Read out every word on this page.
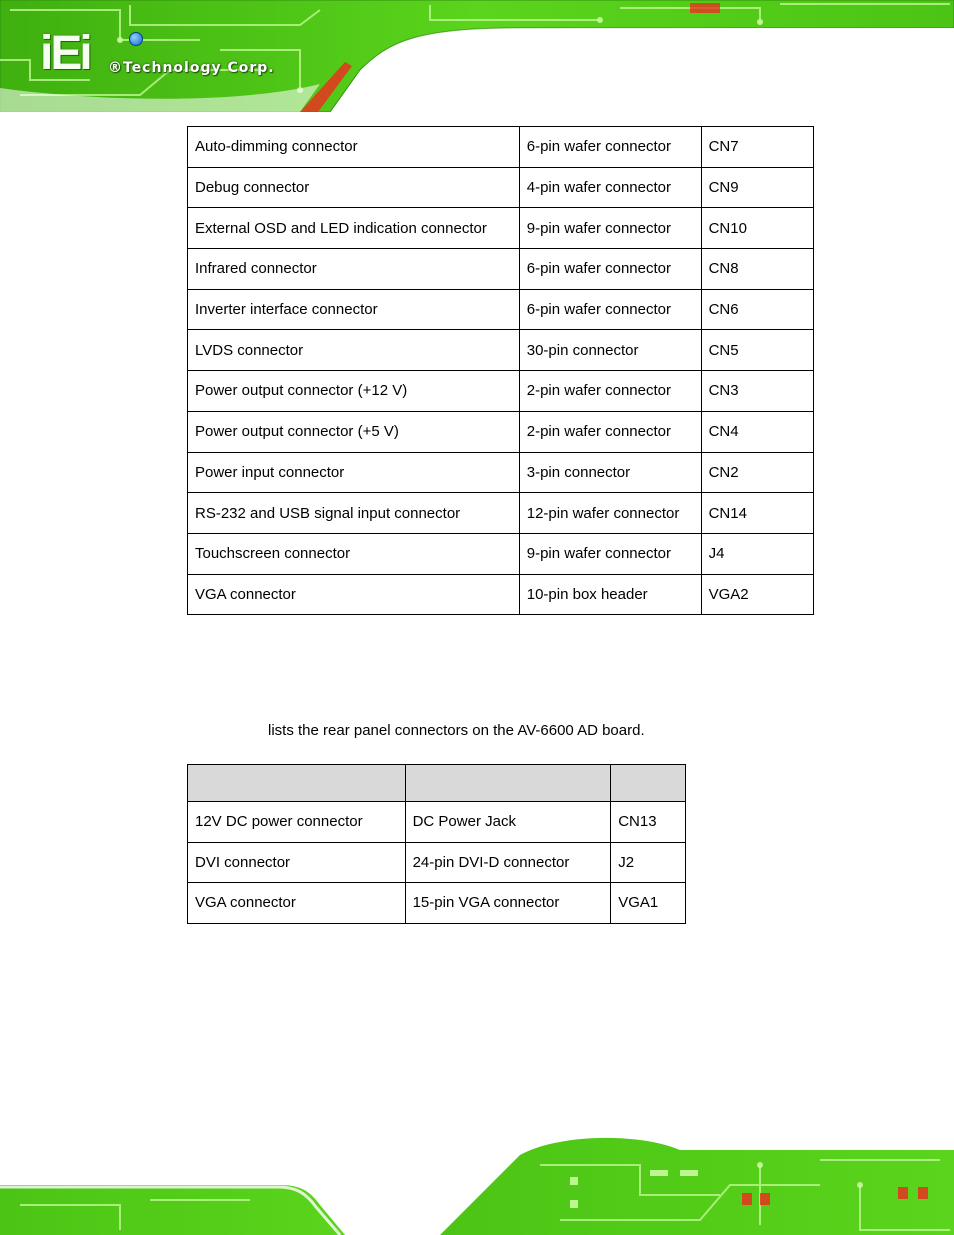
iEi ®Technology Corp.
Auto-dimming connector	6-pin wafer connector	CN7
Debug connector	4-pin wafer connector	CN9
External OSD and LED indication connector	9-pin wafer connector	CN10
Infrared connector	6-pin wafer connector	CN8
Inverter interface connector	6-pin wafer connector	CN6
LVDS connector	30-pin connector	CN5
Power output connector (+12 V)	2-pin wafer connector	CN3
Power output connector (+5 V)	2-pin wafer connector	CN4
Power input connector	3-pin connector	CN2
RS-232 and USB signal input connector	12-pin wafer connector	CN14
Touchscreen connector	9-pin wafer connector	J4
VGA connector	10-pin box header	VGA2
lists the rear panel connectors on the AV-6600 AD board.

12V DC power connector	DC Power Jack	CN13
DVI connector	24-pin DVI-D connector	J2
VGA connector	15-pin VGA connector	VGA1
